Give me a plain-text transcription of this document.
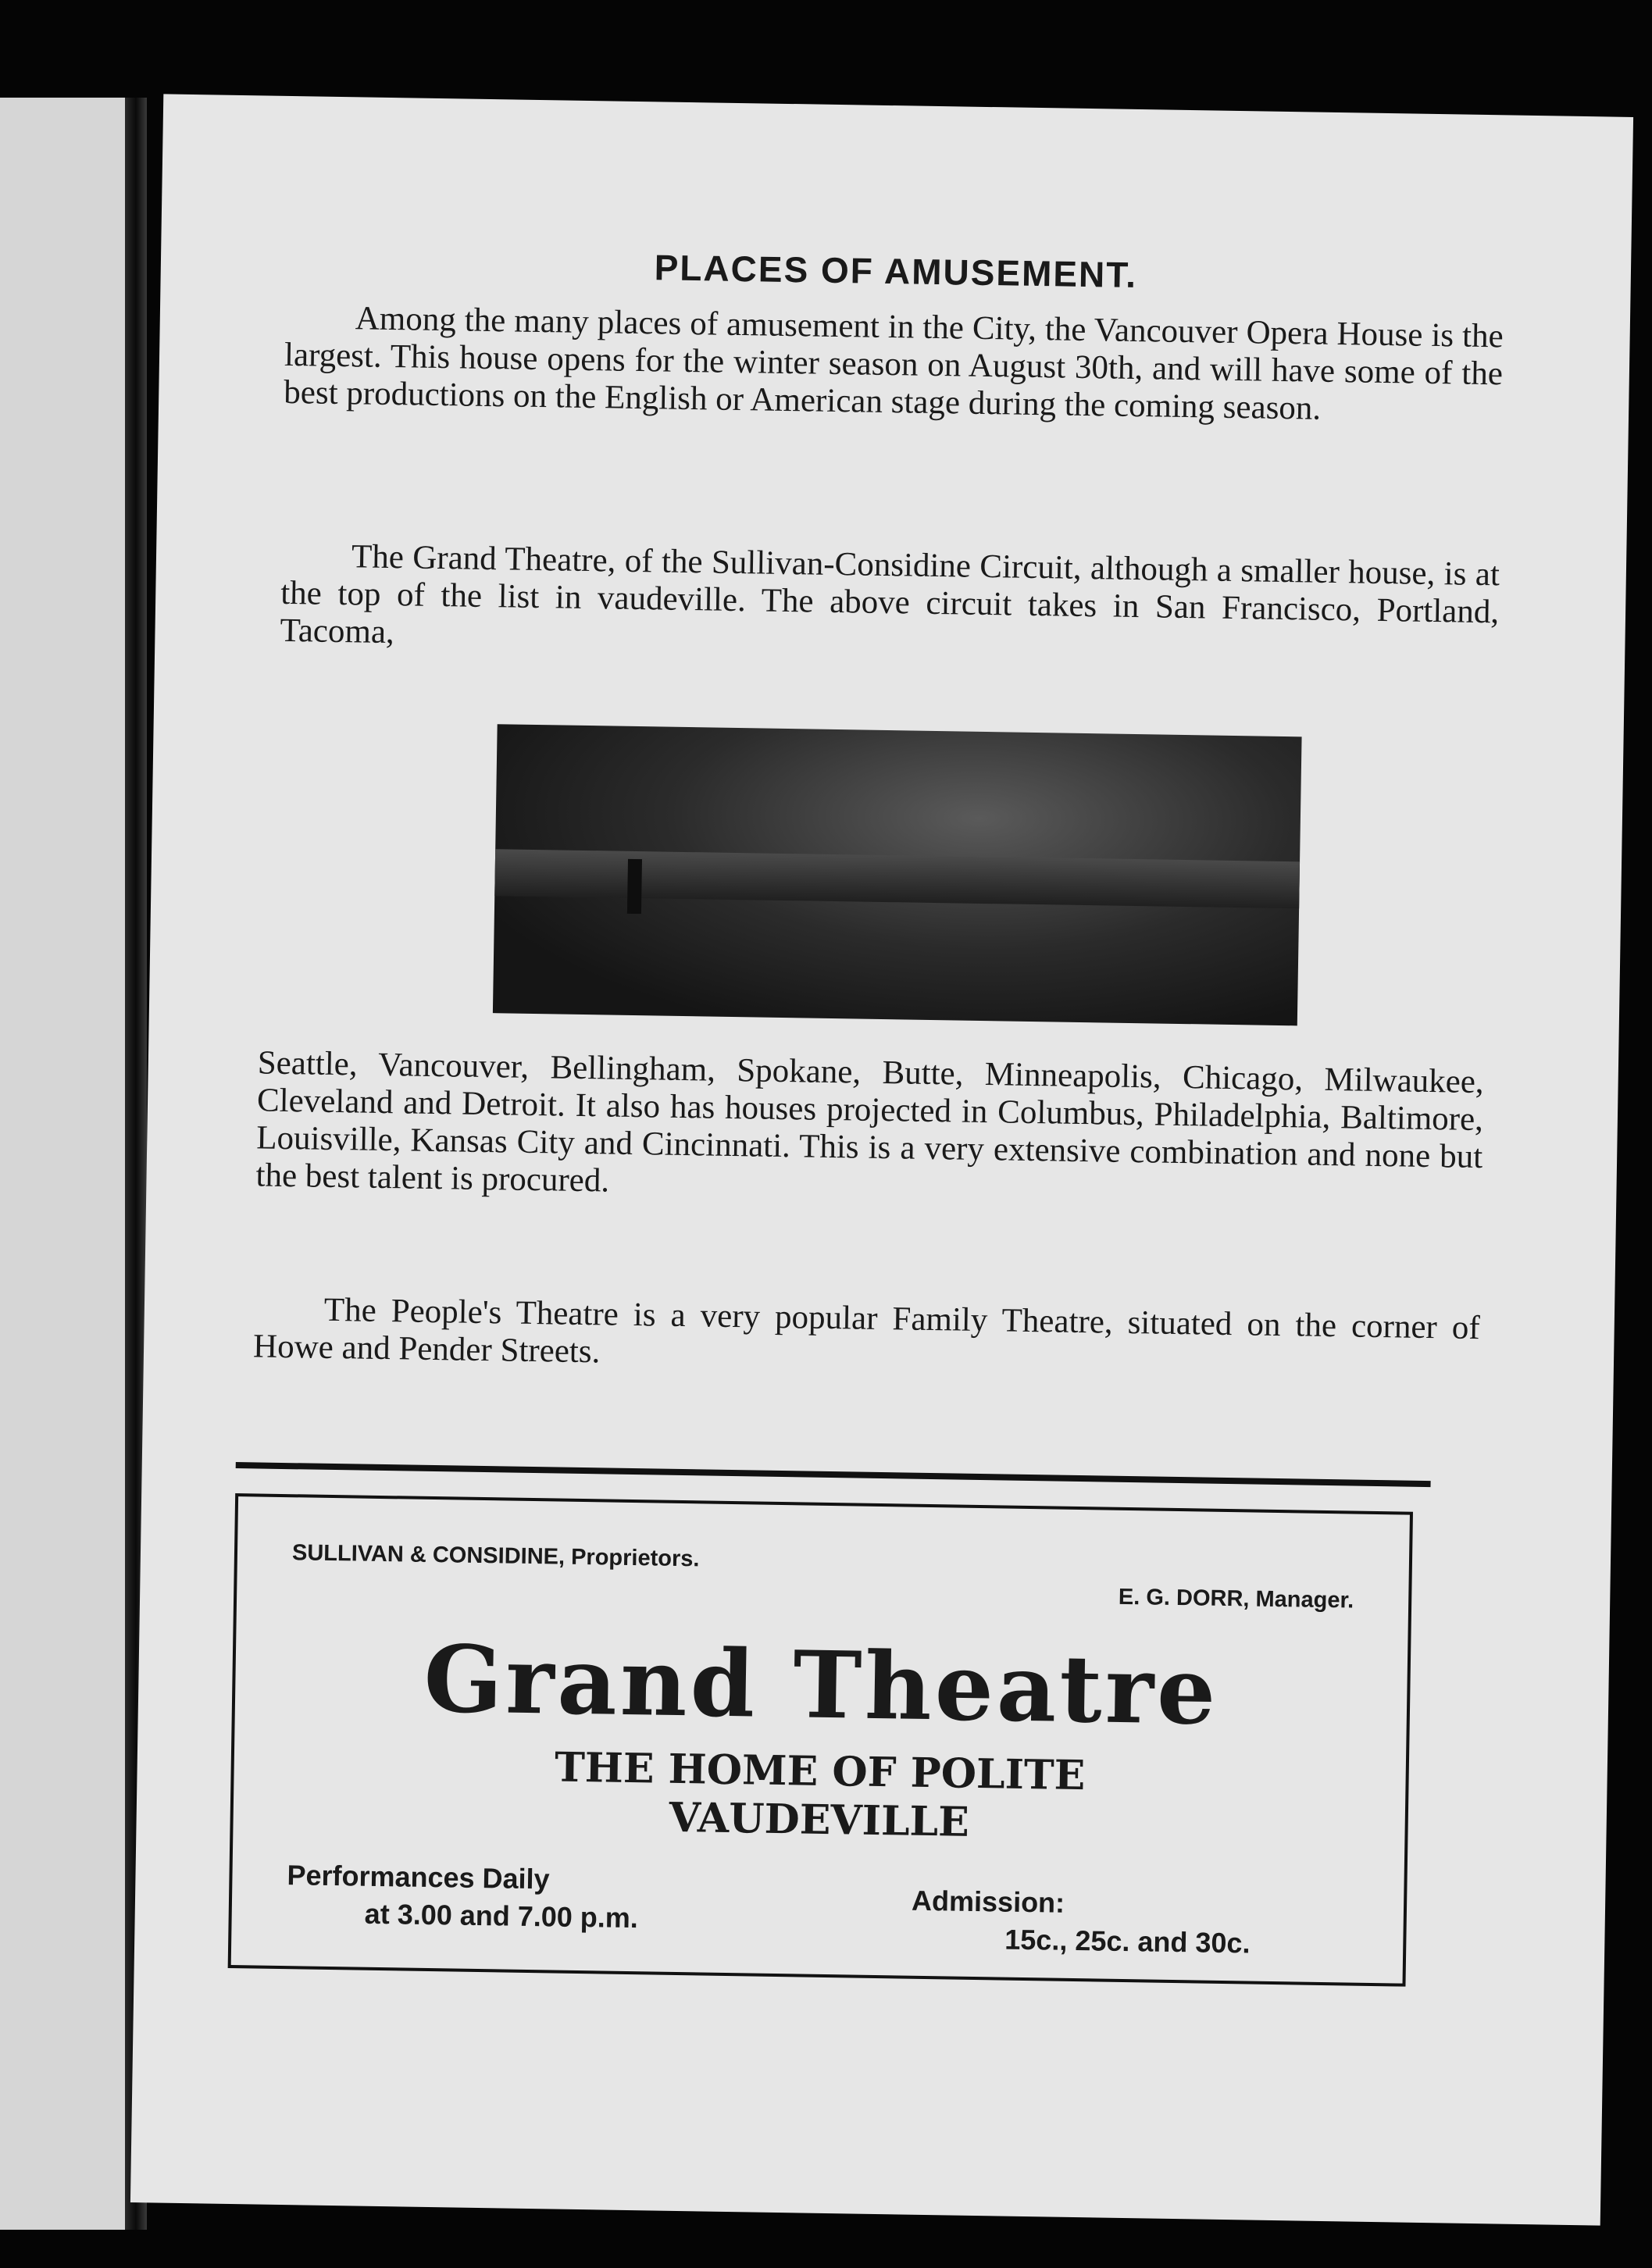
PLACES OF AMUSEMENT.

Among the many places of amusement in the City, the Vancouver Opera House is the largest. This house opens for the winter season on August 30th, and will have some of the best productions on the English or American stage during the coming season.

The Grand Theatre, of the Sullivan-Considine Circuit, although a smaller house, is at the top of the list in vaudeville. The above circuit takes in San Francisco, Portland, Tacoma,

Seattle, Vancouver, Bellingham, Spokane, Butte, Minneapolis, Chicago, Milwaukee, Cleveland and Detroit. It also has houses projected in Columbus, Philadelphia, Baltimore, Louisville, Kansas City and Cincinnati. This is a very extensive combination and none but the best talent is procured.

The People's Theatre is a very popular Family Theatre, situated on the corner of Howe and Pender Streets.

SULLIVAN & CONSIDINE, Proprietors.
E. G. DORR, Manager.
Grand Theatre
THE HOME OF POLITE
VAUDEVILLE
Performances Daily
at 3.00 and 7.00 p.m.	Admission:
15c., 25c. and 30c.
